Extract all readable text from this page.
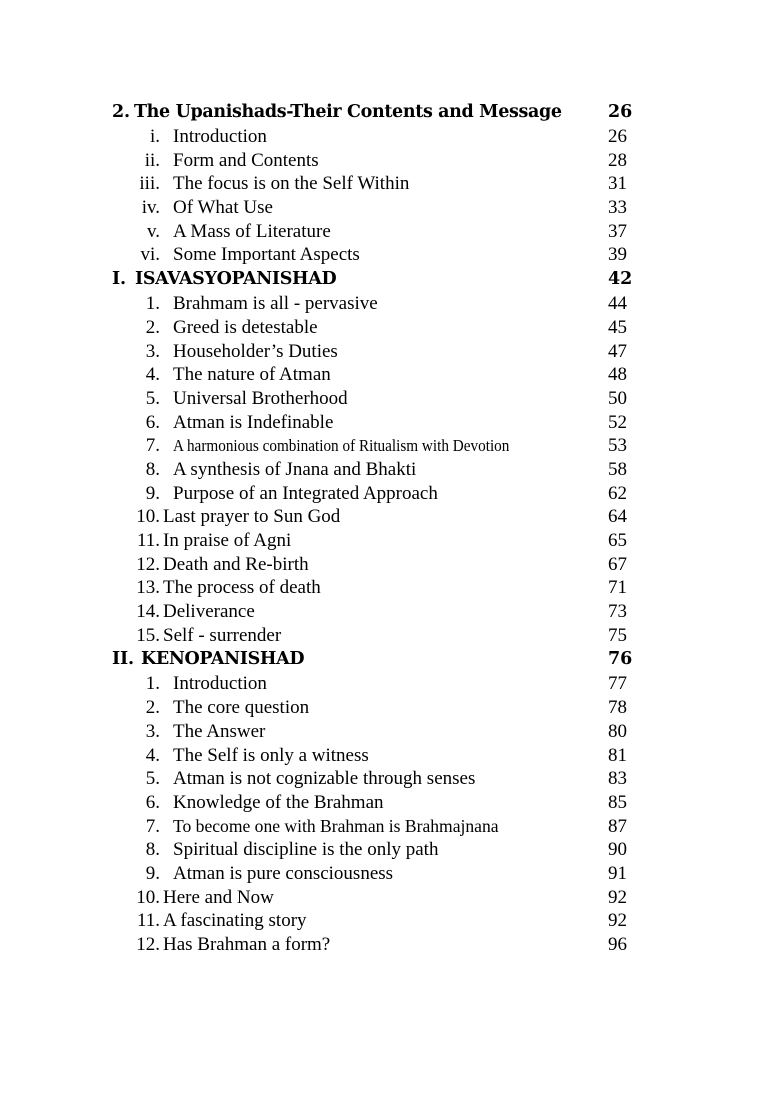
2. The Upanishads-Their Contents and Message	26
i. Introduction	26
ii. Form and Contents	28
iii. The focus is on the Self Within	31
iv. Of What Use	33
v. A Mass of Literature	37
vi. Some Important Aspects	39
I. ISAVASYOPANISHAD	42
1. Brahmam is all - pervasive	44
2. Greed is detestable	45
3. Householder’s Duties	47
4. The nature of Atman	48
5. Universal Brotherhood	50
6. Atman is Indefinable	52
7. A harmonious combination of Ritualism with Devotion	53
8. A synthesis of Jnana and Bhakti	58
9. Purpose of an Integrated Approach	62
10. Last prayer to Sun God	64
11. In praise of Agni	65
12. Death and Re-birth	67
13. The process of death	71
14. Deliverance	73
15. Self - surrender	75
II. KENOPANISHAD	76
1. Introduction	77
2. The core question	78
3. The Answer	80
4. The Self is only a witness	81
5. Atman is not cognizable through senses	83
6. Knowledge of the Brahman	85
7. To become one with Brahman is Brahmajnana	87
8. Spiritual discipline is the only path	90
9. Atman is pure consciousness	91
10. Here and Now	92
11. A fascinating story	92
12. Has Brahman a form?	96
